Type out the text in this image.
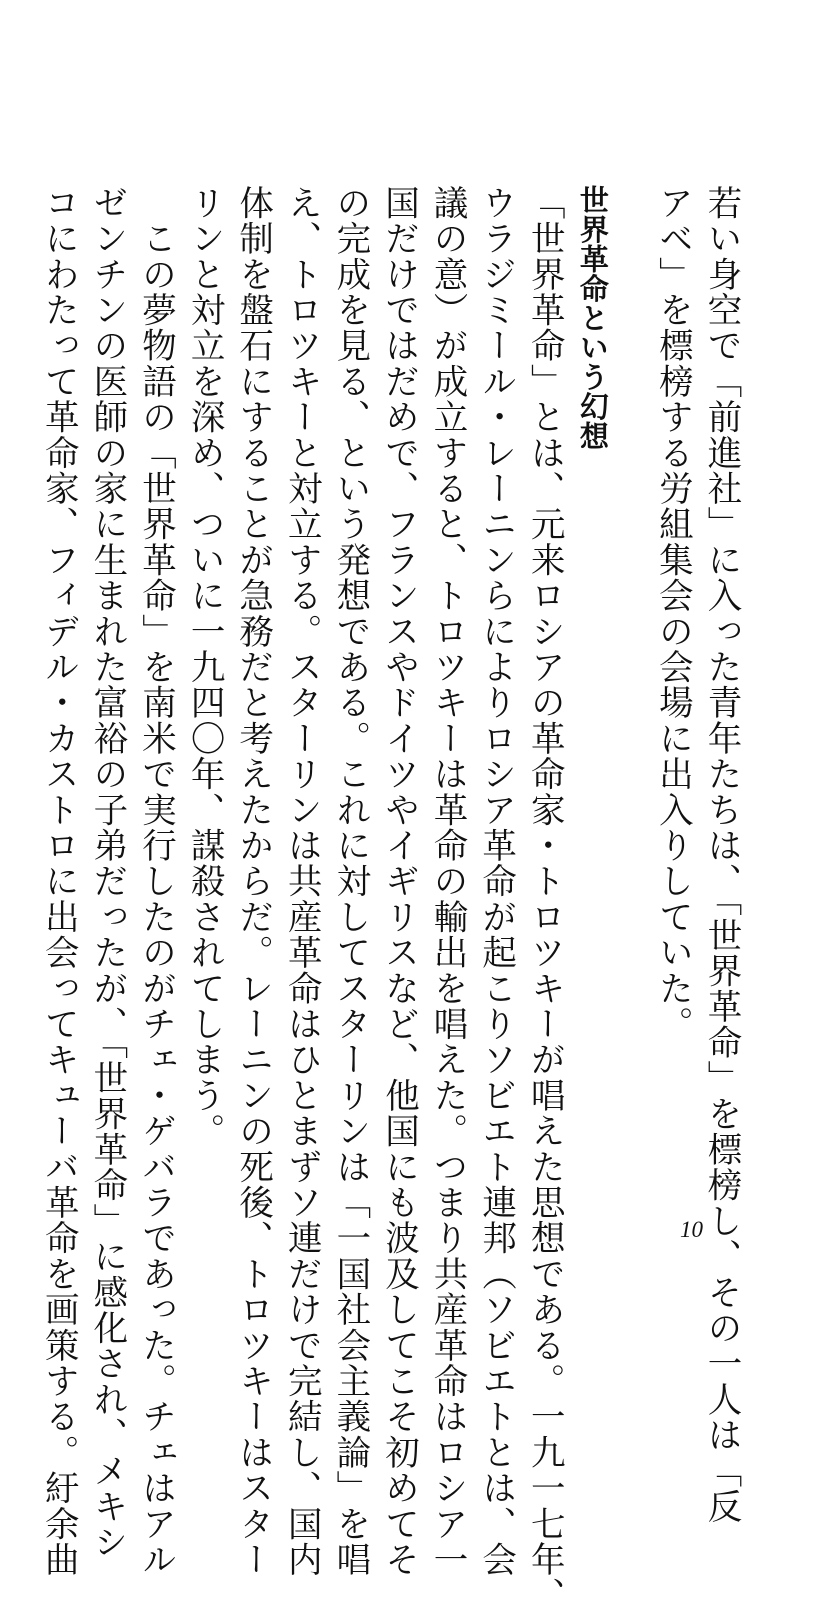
若い身空で「前進社」に入った青年たちは、「世界革命」を標榜し、その一人は「反
アベ」を標榜する労組集会の会場に出入りしていた。
世界革命という幻想
「世界革命」とは、元来ロシアの革命家・トロツキーが唱えた思想である。一九一七年、
ウラジミール・レーニンらによりロシア革命が起こりソビエト連邦（ソビエトとは、会
議の意）が成立すると、トロツキーは革命の輸出を唱えた。つまり共産革命はロシア一
国だけではだめで、フランスやドイツやイギリスなど、他国にも波及してこそ初めてそ
の完成を見る、という発想である。これに対してスターリンは「一国社会主義論」を唱
え、トロツキーと対立する。スターリンは共産革命はひとまずソ連だけで完結し、国内
体制を盤石にすることが急務だと考えたからだ。レーニンの死後、トロツキーはスター
リンと対立を深め、ついに一九四〇年、謀殺されてしまう。
　この夢物語の「世界革命」を南米で実行したのがチェ・ゲバラであった。チェはアル
ゼンチンの医師の家に生まれた富裕の子弟だったが、「世界革命」に感化され、メキシ
コにわたって革命家、フィデル・カストロに出会ってキューバ革命を画策する。紆余曲	10
